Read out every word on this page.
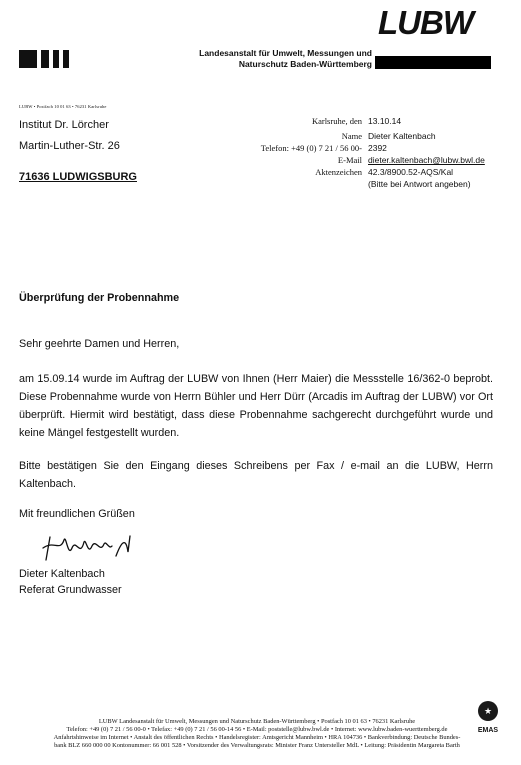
LUBW
Landesanstalt für Umwelt, Messungen und
Naturschutz Baden-Württemberg
LUBW • Postfach 10 01 63 • 76231 Karlsruhe
Institut Dr. Lörcher
Martin-Luther-Str. 26
71636 LUDWIGSBURG
Karlsruhe, den 13.10.14
Name Dieter Kaltenbach
Telefon: +49 (0) 7 21 / 56 00- 2392
E-Mail dieter.kaltenbach@lubw.bwl.de
Aktenzeichen 42.3/8900.52-AQS/Kal
(Bitte bei Antwort angeben)
Überprüfung der Probennahme
Sehr geehrte Damen und Herren,
am 15.09.14 wurde im Auftrag der LUBW von Ihnen (Herr Maier) die Messstelle 16/362-0 beprobt. Diese Probennahme wurde von Herrn Bühler und Herr Dürr (Arcadis im Auftrag der LUBW) vor Ort überprüft. Hiermit wird bestätigt, dass diese Probennahme sachgerecht durchgeführt wurde und keine Mängel festgestellt wurden.
Bitte bestätigen Sie den Eingang dieses Schreibens per Fax / e-mail an die LUBW, Herrn Kaltenbach.
Mit freundlichen Grüßen
Dieter Kaltenbach
Referat Grundwasser
LUBW Landesanstalt für Umwelt, Messungen und Naturschutz Baden-Württemberg • Postfach 10 01 63 • 76231 Karlsruhe
Telefon: +49 (0) 7 21 / 56 00-0 • Telefax: +49 (0) 7 21 / 56 00-14 56 • E-Mail: poststelle@lubw.bwl.de • Internet: www.lubw.baden-wuerttemberg.de
Anfahrtshinweise im Internet • Anstalt des öffentlichen Rechts • Handelsregister: Amtsgericht Mannheim • HRA 104736 • Bankverbindung: Deutsche Bundes-
bank BLZ 660 000 00 Kontonummer: 66 001 528 • Vorsitzender des Verwaltungsrats: Minister Franz Untersteller MdL • Leitung: Präsidentin Margareta Barth
★
EMAS
